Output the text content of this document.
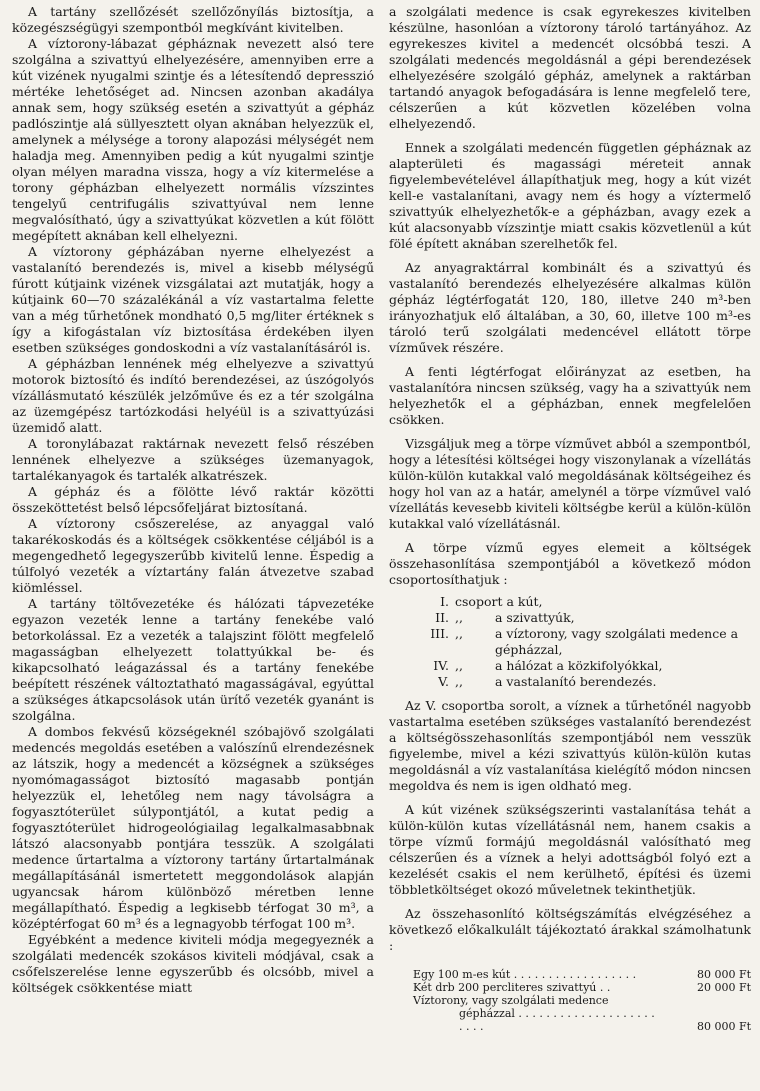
A tartány szellőzését szellőzőnyílás biztosítja, a közegészségügyi szempontból megkívánt kivitelben.

A víztorony-lábazat gépháznak nevezett alsó tere szolgálna a szivattyú elhelyezésére, amennyiben erre a kút vizének nyugalmi szintje és a létesítendő depresszió mértéke lehetőséget ad. Nincsen azonban akadálya annak sem, hogy szükség esetén a szivattyút a gépház padlószintje alá süllyesztett olyan aknában helyezzük el, amelynek a mélysége a torony alapozási mélységét nem haladja meg. Amennyiben pedig a kút nyugalmi szintje olyan mélyen maradna vissza, hogy a víz kitermelése a torony gépházban elhelyezett normális vízszintes tengelyű centrifugális szivattyúval nem lenne megvalósítható, úgy a szivattyúkat közvetlen a kút fölött megépített aknában kell elhelyezni.

A víztorony gépházában nyerne elhelyezést a vastalanító berendezés is, mivel a kisebb mélységű fúrott kútjaink vizének vizsgálatai azt mutatják, hogy a kútjaink 60—70 százalékánál a víz vastartalma felette van a még tűrhetőnek mondható 0,5 mg/liter értéknek s így a kifogástalan víz biztosítása érdekében ilyen esetben szükséges gondoskodni a víz vastalanításáról is.

A gépházban lennének még elhelyezve a szivattyú motorok biztosító és indító berendezései, az úszógolyós vízállásmutató készülék jelzőműve és ez a tér szolgálna az üzemgépész tartózkodási helyéül is a szivattyúzási üzemidő alatt.

A toronylábazat raktárnak nevezett felső részében lennének elhelyezve a szükséges üzemanyagok, tartalékanyagok és tartalék alkatrészek.

A gépház és a fölötte lévő raktár közötti összeköttetést belső lépcsőfeljárat biztosítaná.

A víztorony csőszerelése, az anyaggal való takarékoskodás és a költségek csökkentése céljából is a megengedhető legegyszerűbb kivitelű lenne. Éspedig a túlfolyó vezeték a víztartány falán átvezetve szabad kiömléssel.

A tartány töltővezetéke és hálózati tápvezetéke egyazon vezeték lenne a tartány fenekébe való betorkolással. Ez a vezeték a talajszint fölött megfelelő magasságban elhelyezett tolattyúkkal be- és kikapcsolható leágazással és a tartány fenekébe beépített részének változtatható magasságával, egyúttal a szükséges átkapcsolások után ürítő vezeték gyanánt is szolgálna.

A dombos fekvésű községeknél szóbajövő szolgálati medencés megoldás esetében a valószínű elrendezésnek az látszik, hogy a medencét a községnek a szükséges nyomómagasságot biztosító magasabb pontján helyezzük el, lehetőleg nem nagy távolságra a fogyasztóterület súlypontjától, a kutat pedig a fogyasztóterület hidrogeológiailag legalkalmasabbnak látszó alacsonyabb pontjára tesszük. A szolgálati medence űrtartalma a víztorony tartány űrtartalmának megállapításánál ismertetett meggondolások alapján ugyancsak három különböző méretben lenne megállapítható. Éspedig a legkisebb térfogat 30 m³, a középtérfogat 60 m³ és a legnagyobb térfogat 100 m³.

Egyébként a medence kiviteli módja megegyeznék a szolgálati medencék szokásos kiviteli módjával, csak a csőfelszerelése lenne egyszerűbb és olcsóbb, mivel a költségek csökkentése miatt

a szolgálati medence is csak egyrekeszes kivitelben készülne, hasonlóan a víztorony tároló tartányához. Az egyrekeszes kivitel a medencét olcsóbbá teszi. A szolgálati medencés megoldásnál a gépi berendezések elhelyezésére szolgáló gépház, amelynek a raktárban tartandó anyagok befogadására is lenne megfelelő tere, célszerűen a kút közvetlen közelében volna elhelyezendő.

Ennek a szolgálati medencén független gépháznak az alapterületi és magassági méreteit annak figyelembevételével állapíthatjuk meg, hogy a kút vizét kell-e vastalanítani, avagy nem és hogy a víztermelő szivattyúk elhelyezhetők-e a gépházban, avagy ezek a kút alacsonyabb vízszintje miatt csakis közvetlenül a kút fölé épített aknában szerelhetők fel.

Az anyagraktárral kombinált és a szivattyú és vastalanító berendezés elhelyezésére alkalmas külön gépház légtérfogatát 120, 180, illetve 240 m³-ben irányozhatjuk elő általában, a 30, 60, illetve 100 m³-es tároló terű szolgálati medencével ellátott törpe vízművek részére.

A fenti légtérfogat előirányzat az esetben, ha vastalanítóra nincsen szükség, vagy ha a szivattyúk nem helyezhetők el a gépházban, ennek megfelelően csökken.

Vizsgáljuk meg a törpe vízművet abból a szempontból, hogy a létesítési költségei hogy viszonylanak a vízellátás külön-külön kutakkal való megoldásának költségeihez és hogy hol van az a határ, amelynél a törpe vízművel való vízellátás kevesebb kiviteli költségbe kerül a külön-külön kutakkal való vízellátásnál.

A törpe vízmű egyes elemeit a költségek összehasonlítása szempontjából a következő módon csoportosíthatjuk :

I. csoport a kút,
II. ,,	a szivattyúk,
III. ,,	a víztorony, vagy szolgálati medence a gépházzal,
IV. ,,	a hálózat a közkifolyókkal,
V. ,,	a vastalanító berendezés.

Az V. csoportba sorolt, a víznek a tűrhetőnél nagyobb vastartalma esetében szükséges vastalanító berendezést a költségösszehasonlítás szempontjából nem vesszük figyelembe, mivel a kézi szivattyús külön-külön kutas megoldásnál a víz vastalanítása kielégítő módon nincsen megoldva és nem is igen oldható meg.

A kút vizének szükségszerinti vastalanítása tehát a külön-külön kutas vízellátásnál nem, hanem csakis a törpe vízmű formájú megoldásnál valósítható meg célszerűen és a víznek a helyi adottságból folyó ezt a kezelését csakis el nem kerülhető, építési és üzemi többletköltséget okozó műveletnek tekinthetjük.

Az összehasonlító költségszámítás elvégzéséhez a következő előkalkulált tájékoztató árakkal számolhatunk :

Egy 100 m-es kút . . . . . . . . . . . . . . . . . .	80 000 Ft
Két drb 200 percliteres szivattyú . .	20 000 Ft
Víztorony, vagy szolgálati medence
gépházzal . . . . . . . . . . . . . . . . . . . . . . . .	80 000 Ft
